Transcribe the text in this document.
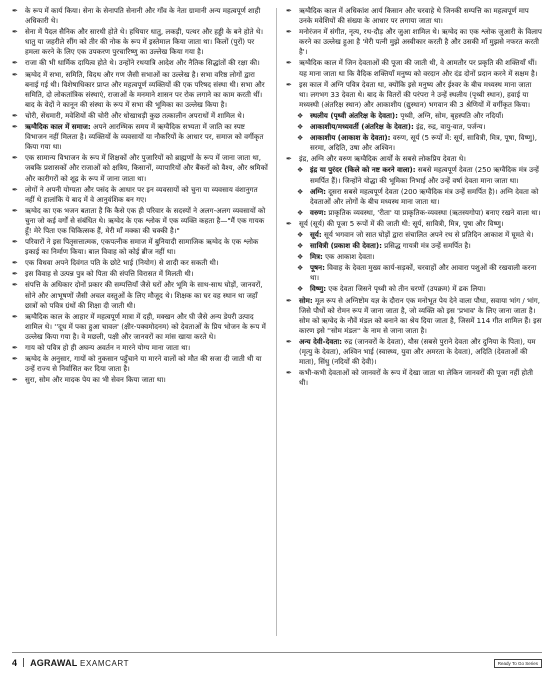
✒	के रूप में कार्य किया। सेना के सेनापति सेनानी और गाँव के नेता ग्रामानी अन्य महत्वपूर्ण शाही अधिकारी थे।
✒	सेना में पैदल सैनिक और सारथी होते थे। हथियार धातु, लकड़ी, पत्थर और हड्डी के बने होते थे। धातु या जहरीले सींग को तीर की नोक के रूप में इस्तेमाल किया जाता था। किलों (पुरों) पर हमला करने के लिए एक उपकरण पुरचारिष्णु का उल्लेख किया गया है।
✒	राजा की भी धार्मिक दायित्व होते थे। उन्होंने रथयात्रि आदेश और नैतिक सिद्धांतों की रक्षा की।
✒	ऋग्वेद में सभा, समिति, विदथ और गण जैसी सभाओं का उल्लेख है। सभा वरिष्ठ लोगों द्वारा बनाई गई थी। विशेषाधिकार प्राप्त और महत्वपूर्ण व्यक्तियों की एक परिषद संस्था थी। सभा और समिति, दो लोकतांत्रिक संस्थाएं, राजाओं के मनमाने शासन पर रोक लगाने का काम करती थीं। बाद के वेदों ने कानून की संस्था के रूप में सभा की भूमिका का उल्लेख किया है।
✒	चोरी, सेंधमारी, मवेशियों की चोरी और धोखाधड़ी कुछ तत्कालीन अपराधों में शामिल थे।
✒	ऋग्वैदिक काल में समाज: अपने आरम्भिक समय में ऋग्वैदिक सभ्यता में जाति का स्पष्ट विभाजन नहीं मिलता है। व्यक्तियों के व्यवसायों या नौकरियों के आधार पर, समाज को वर्गीकृत किया गया था।
✒	एक सामान्य विभाजन के रूप में शिक्षकों और पुजारियों को ब्राह्मणों के रूप में जाना जाता था, जबकि प्रशासकों और राजाओं को क्षत्रिय, किसानों, व्यापारियों और बैंकरों को वैश्य, और श्रमिकों और कारीगरों को शूद्र के रूप में जाना जाता था।
✒	लोगों ने अपनी योग्यता और पसंद के आधार पर इन व्यवसायों को चुना या व्यवसाय वंशानुगत नहीं थे हालांकि ये बाद में वे आनुवंशिक बन गए।
✒	ऋग्वेद का एक भजन बताता है कि कैसे एक ही परिवार के सदस्यों ने अलग-अलग व्यवसायों को चुना जो कई वर्गों से संबंधित थे। ऋग्वेद के एक श्लोक में एक व्यक्ति कहता है—"मैं एक गायक हूँ! मेरे पिता एक चिकित्सक हैं, मेरी माँ मक्का की चक्की है।"
✒	परिवारों ने इस पितृसत्तात्मक, एकपत्नीक समाज में बुनियादी सामाजिक ऋग्वेद के एक श्लोक इकाई का निर्माण किया। बाल विवाह को कोई ब्रीज नहीं था।
✒	एक विधवा अपने दिवंगत पति के छोटे भाई (नियोग) से शादी कर सकती थी।
✒	इस विवाह से उत्पन्न पुत्र को पिता की संपत्ति विरासत में मिलती थी।
✒	संपत्ति के अधिकार दोनों प्रकार की सम्पत्तियाँ जैसे घरों और भूमि के साथ-साथ घोड़ों, जानवरों, सोने और आभूषणों जैसी अचल वस्तुओं के लिए मौजूद थे। शिक्षक का घर वह स्थान था जहाँ छात्रों को पवित्र ग्रंथों की शिक्षा दी जाती थी।
✒	ऋग्वैदिक काल के आहार में महत्वपूर्ण मात्रा में दही, मक्खन और घी जैसे अन्य डेयरी उत्पाद शामिल थे। ''दूध में पका हुआ चावल' (क्षीर-पक्वमोदनम) को देवताओं के प्रिय भोजन के रूप में उल्लेख किया गया है। वे मछली, पक्षी और जानवरों का मांस खाया करते थे।
✒	गाय को पवित्र हो ही अघन्य अवर्तन न मारने योग्य माना जाता था।
✒	ऋग्वेद के अनुसार, गायों को नुकसान पहुँचाने या मारने वालों को मौत की सजा दी जाती थी या उन्हें राज्य से निर्वासित कर दिया जाता है।
✒	सुरा, सोम और मादक पेय का भी सेवन किया जाता था।
✒	ऋग्वैदिक काल में अधिकांश आर्य किसान और चरवाहे थे जिनकी सम्पत्ति का महत्वपूर्ण माप उनके मवेशियों की संख्या के आधार पर लगाया जाता था।
✒	मनोरंजन में संगीत, नृत्य, रथ-दौड़ और जुआ शामिल थे। ऋग्वेद का एक श्लोक जुआरी के विलाप करने का उल्लेख हुआ है 'मेरी पत्नी मुझे अस्वीकार करती है और उसकी माँ मुझसे नफरत करती है'।
✒	ऋग्वैदिक काल में जिन देवताओं की पूजा की जाती थी, वे आमतौर पर प्रकृति की शक्तियाँ थीं। यह माना जाता था कि वैदिक शक्तियाँ मनुष्य को वरदान और दंड दोनों प्रदान करने में सक्षम है।
✒	इस काल में अग्नि पवित्र देवता था, क्योंकि इसे मनुष्य और ईश्वर के बीच मध्यस्थ माना जाता था। लगभग 33 देवता थे। बाद के वितरों की परंपरा ने उन्हें स्थलीय (पृथ्वी स्थान), हवाई या मध्यस्थी (अंतरिक्ष स्थान) और आकाशीय (द्युस्थान) भगवान की 3 श्रेणियों में वर्गीकृत किया।
❖ स्थलीय (पृथ्वी अंतरिक्ष के देवता): पृथ्वी, अग्नि, सोम, बृहस्पति और नदियाँ।
❖ आकाशीय/मध्यवर्ती (अंतरिक्ष के देवता): इंद्र, रुद्र, वायु-वात, पर्जन्य।
❖ आकाशीय (आकाश के देवता): वरुण, सूर्य (5 रूपों में: सूर्य, सावित्री, मित्र, पूषा, विष्णु), सरमा, अदिति, उषा और अश्विन।
✒	इंद्र, अग्नि और वरुण ऋग्वैदिक आर्यों के सबसे लोकप्रिय देवता थे।
❖ इंद्र या पुरंदर (किले को नष्ट करने वाला): सबसे महत्वपूर्ण देवता (250 ऋग्वैदिक मंत्र उन्हें समर्पित हैं)। जिन्होंने योद्धा की भूमिका निभाई और उन्हें वर्षा देवता माना जाता था।
❖ अग्नि: दूसरा सबसे महत्वपूर्ण देवता (200 ऋग्वैदिक मंत्र उन्हें समर्पित है)। अग्नि देवता को देवताओं और लोगों के बीच मध्यस्थ माना जाता था।
❖ वरुण: प्राकृतिक व्यवस्था, 'रीता' या प्राकृतिक-व्यवस्था (ऋतस्यगोपा) बनाए रखने वाला था।
✒	सूर्य (सूर्य) की पूजा 5 रूपों में की जाती थी: सूर्य, सावित्री, मित्र, पूषा और विष्णु।
❖ सूर्य: सूर्य भगवान जो सात घोड़ों द्वारा संचालित अपने रथ से प्रतिदिन आकाश में घूमते थे।
❖ सावित्री (प्रकाश की देवता): प्रसिद्ध गायत्री मंत्र उन्हें समर्पित है।
❖ मित्र: एक आकाश देवता।
❖ पूषन: विवाह के देवता मुख्य कार्य-सड़कों, चरवाहों और आवारा पशुओं की रखवाली करना था।
❖ विष्णु: एक देवता जिसने पृथ्वी को तीन चरणों (उपक्रम) में ढक लिया।
✒	सोम: मूल रूप से अग्निष्टोम यज्ञ के दौरान एक मनोभूत पेय देने वाला पौधा, सवाया भांग / भांग, जिसे पौधों को रोमन रूप में जाना जाता है, जो व्यक्ति को इस 'प्रभाव' के लिए जाना जाता है। सोम को ऋग्वेद के नौवें मंडल को बनाने का श्रेय दिया जाता है, जिसमें 114 गीत शामिल हैं। इस कारण इसे ''सोम मंडल'' के नाम से जाना जाता है।
✒	अन्य देवी-देवता: रुद्र (जानवरों के देवता), यौस (सबसे पुराने देवता और दुनिया के पिता), यम (मृत्यु के देवता), अश्विन भाई (स्वास्थ्य, युवा और अमरता के देवता), अदिति (देवताओं की माता), सिंधु (नदियों की देवी)।
✒	कभी-कभी देवताओं को जानवरों के रूप में देखा जाता था लेकिन जानवरों की पूजा नहीं होती थी।
4 | AGRAWAL EXAMCART	Ready To Go Series
